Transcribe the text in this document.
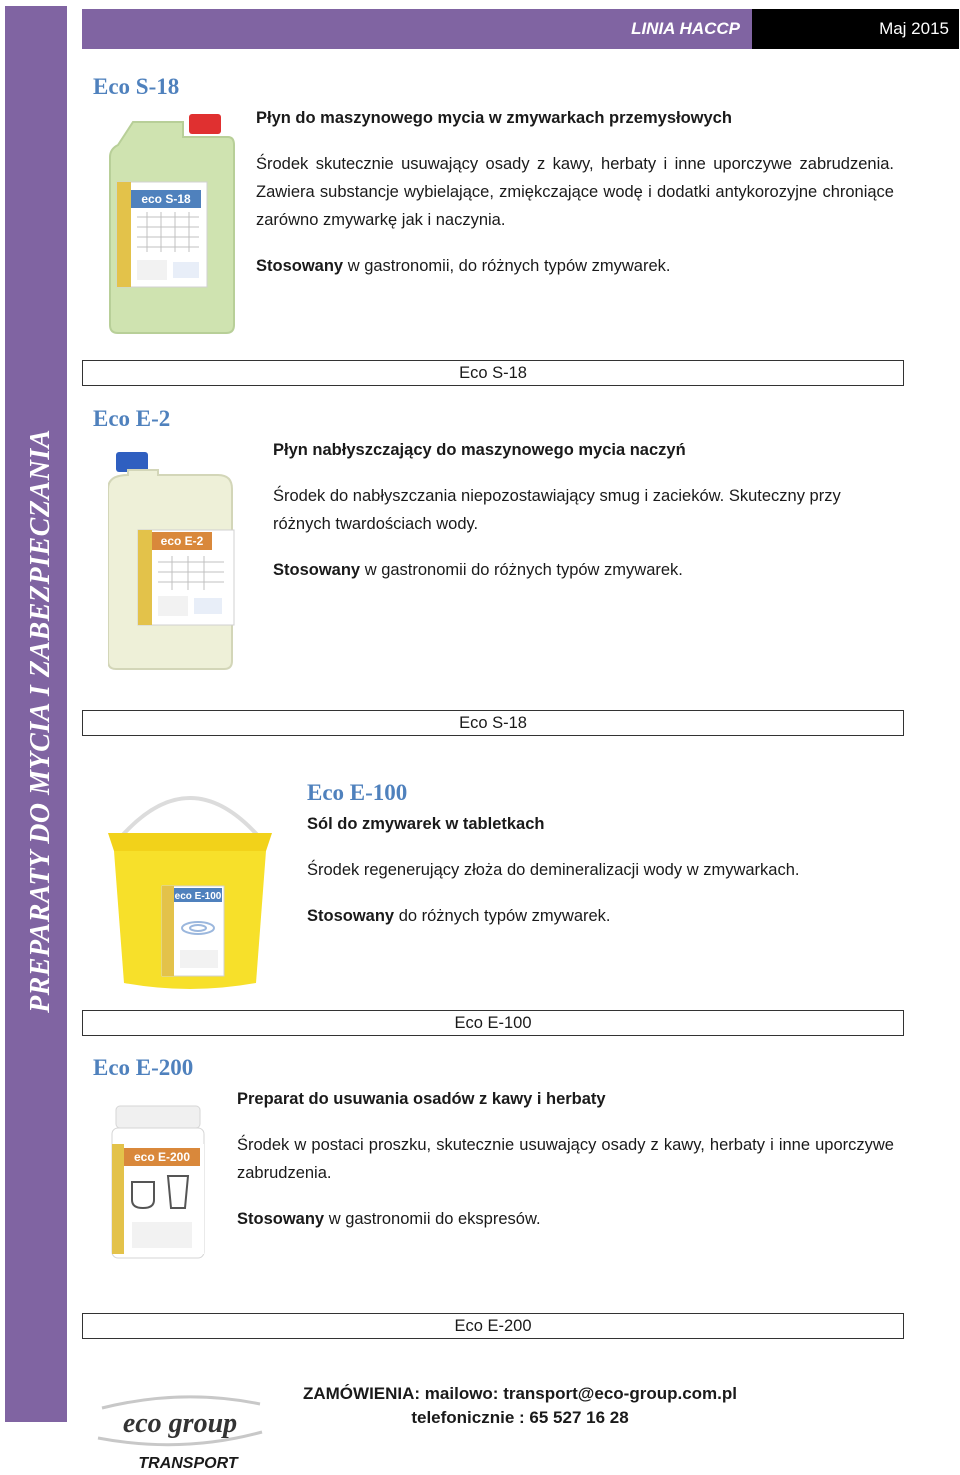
PREPARATY DO MYCIA I ZABEZPIECZANIA
LINIA HACCP	Maj 2015
Eco S-18
eco S-18

Płyn do maszynowego mycia w zmywarkach przemysłowych

Środek skutecznie usuwający osady z kawy, herbaty i inne uporczywe zabrudzenia. Zawiera substancje wybielające, zmiękczające wodę i dodatki antykorozyjne chroniące zarówno zmywarkę jak i naczynia.

Stosowany w gastronomii, do różnych typów zmywarek.

Eco S-18
Eco E-2
eco E-2

Płyn nabłyszczający do maszynowego mycia naczyń

Środek do nabłyszczania niepozostawiający smug i zacieków. Skuteczny przy różnych twardościach wody.

Stosowany w gastronomii do różnych typów zmywarek.

Eco S-18
eco E-100
Eco E-100

Sól do zmywarek w tabletkach

Środek regenerujący złoża do demineralizacji wody w zmywarkach.

Stosowany do różnych typów zmywarek.

Eco E-100
Eco E-200
eco E-200

Preparat do usuwania osadów z kawy i herbaty

Środek w postaci proszku, skutecznie usuwający osady z kawy, herbaty i inne uporczywe zabrudzenia.

Stosowany w gastronomii do ekspresów.

Eco E-200
eco group
TRANSPORT
ZAMÓWIENIA: mailowo: transport@eco-group.com.pl
telefonicznie : 65 527 16 28
